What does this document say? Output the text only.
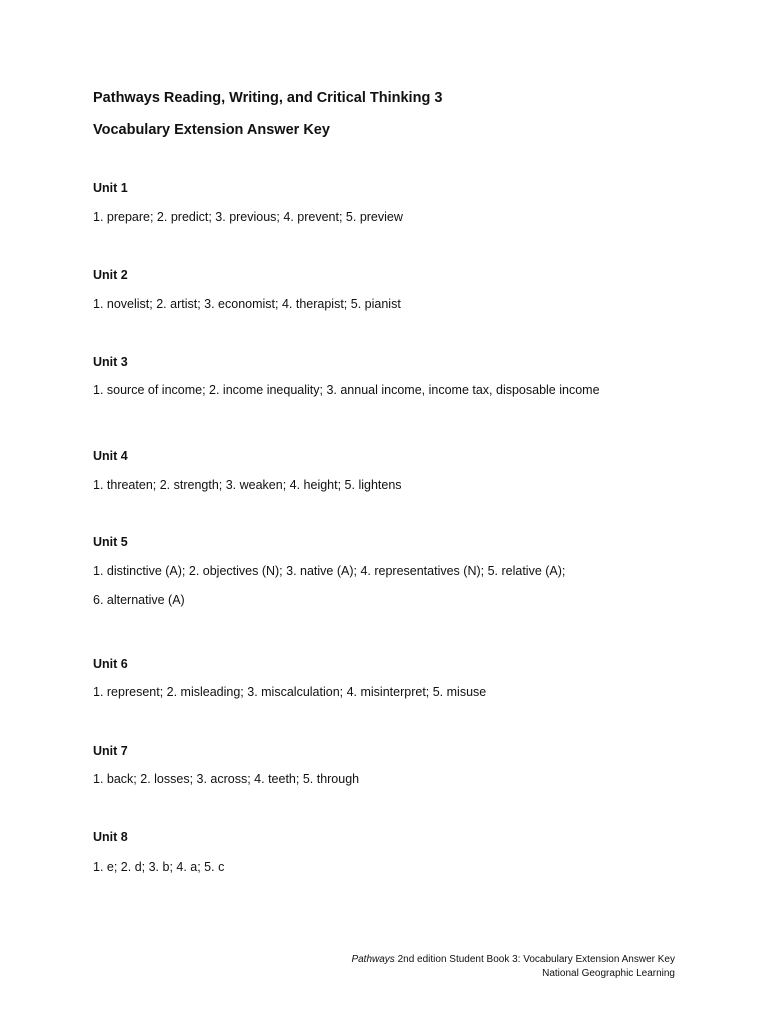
Pathways Reading, Writing, and Critical Thinking 3
Vocabulary Extension Answer Key
Unit 1
1. prepare; 2. predict; 3. previous; 4. prevent; 5. preview
Unit 2
1. novelist; 2. artist; 3. economist; 4. therapist; 5. pianist
Unit 3
1. source of income; 2. income inequality; 3. annual income, income tax, disposable income
Unit 4
1. threaten; 2. strength; 3. weaken; 4. height; 5. lightens
Unit 5
1. distinctive (A); 2. objectives (N); 3. native (A); 4. representatives (N); 5. relative (A);
6. alternative (A)
Unit 6
1. represent; 2. misleading; 3. miscalculation; 4. misinterpret; 5. misuse
Unit 7
1. back; 2. losses; 3. across; 4. teeth; 5. through
Unit 8
1. e; 2. d; 3. b; 4. a; 5. c
Pathways 2nd edition Student Book 3: Vocabulary Extension Answer Key
National Geographic Learning
